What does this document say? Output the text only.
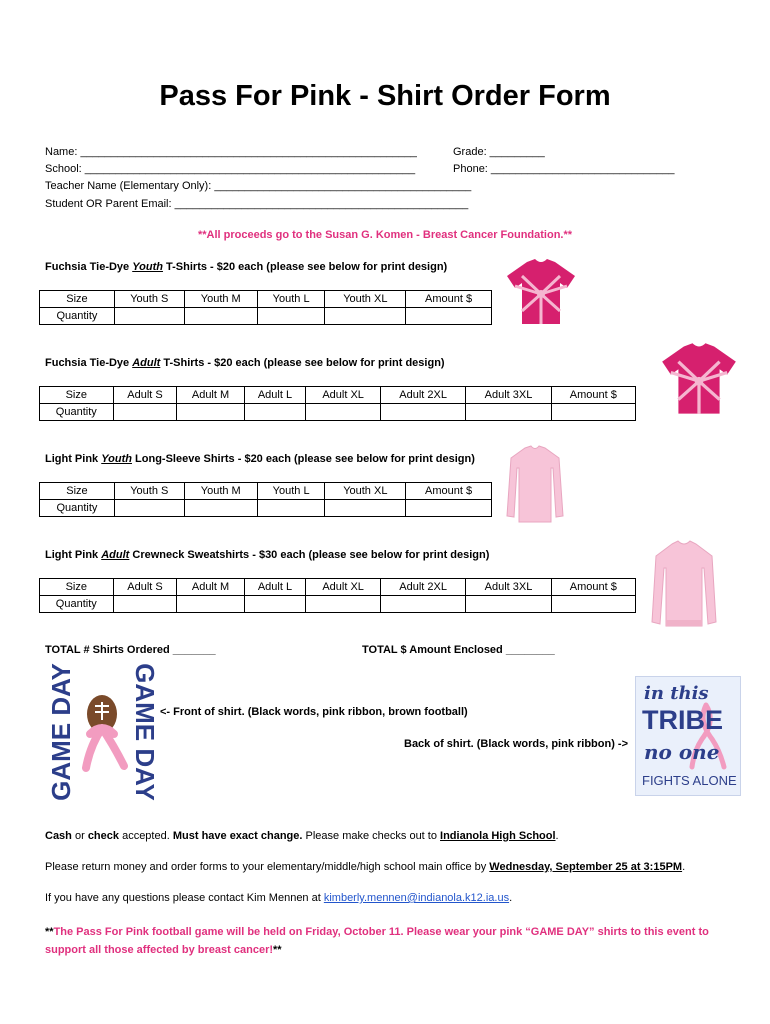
Pass For Pink - Shirt Order Form
Name: _______________________________________________________	Grade: _________
School: ______________________________________________________	Phone: ______________________________
Teacher Name (Elementary Only): __________________________________________
Student OR Parent Email: ________________________________________________
**All proceeds go to the Susan G. Komen - Breast Cancer Foundation.**
Fuchsia Tie-Dye Youth T-Shirts - $20 each (please see below for print design)
Size	Youth S	Youth M	Youth L	Youth XL	Amount $
Quantity					
Fuchsia Tie-Dye Adult T-Shirts - $20 each (please see below for print design)
Size	Adult S	Adult M	Adult L	Adult XL	Adult 2XL	Adult 3XL	Amount $
Quantity							
Light Pink Youth Long-Sleeve Shirts - $20 each (please see below for print design)
Size	Youth S	Youth M	Youth L	Youth XL	Amount $
Quantity					
Light Pink Adult Crewneck Sweatshirts - $30 each (please see below for print design)
Size	Adult S	Adult M	Adult L	Adult XL	Adult 2XL	Adult 3XL	Amount $
Quantity							
TOTAL # Shirts Ordered _______	TOTAL $ Amount Enclosed ________
GAME DAY GAME DAY <- Front of shirt. (Black words, pink ribbon, brown football)
Back of shirt. (Black words, pink ribbon) ->
in this
TRIBE
no one
FIGHTS ALONE
Cash or check accepted. Must have exact change. Please make checks out to Indianola High School.
Please return money and order forms to your elementary/middle/high school main office by Wednesday, September 25 at 3:15PM.
If you have any questions please contact Kim Mennen at kimberly.mennen@indianola.k12.ia.us.
**The Pass For Pink football game will be held on Friday, October 11. Please wear your pink “GAME DAY” shirts to this event to
support all those affected by breast cancer!**
